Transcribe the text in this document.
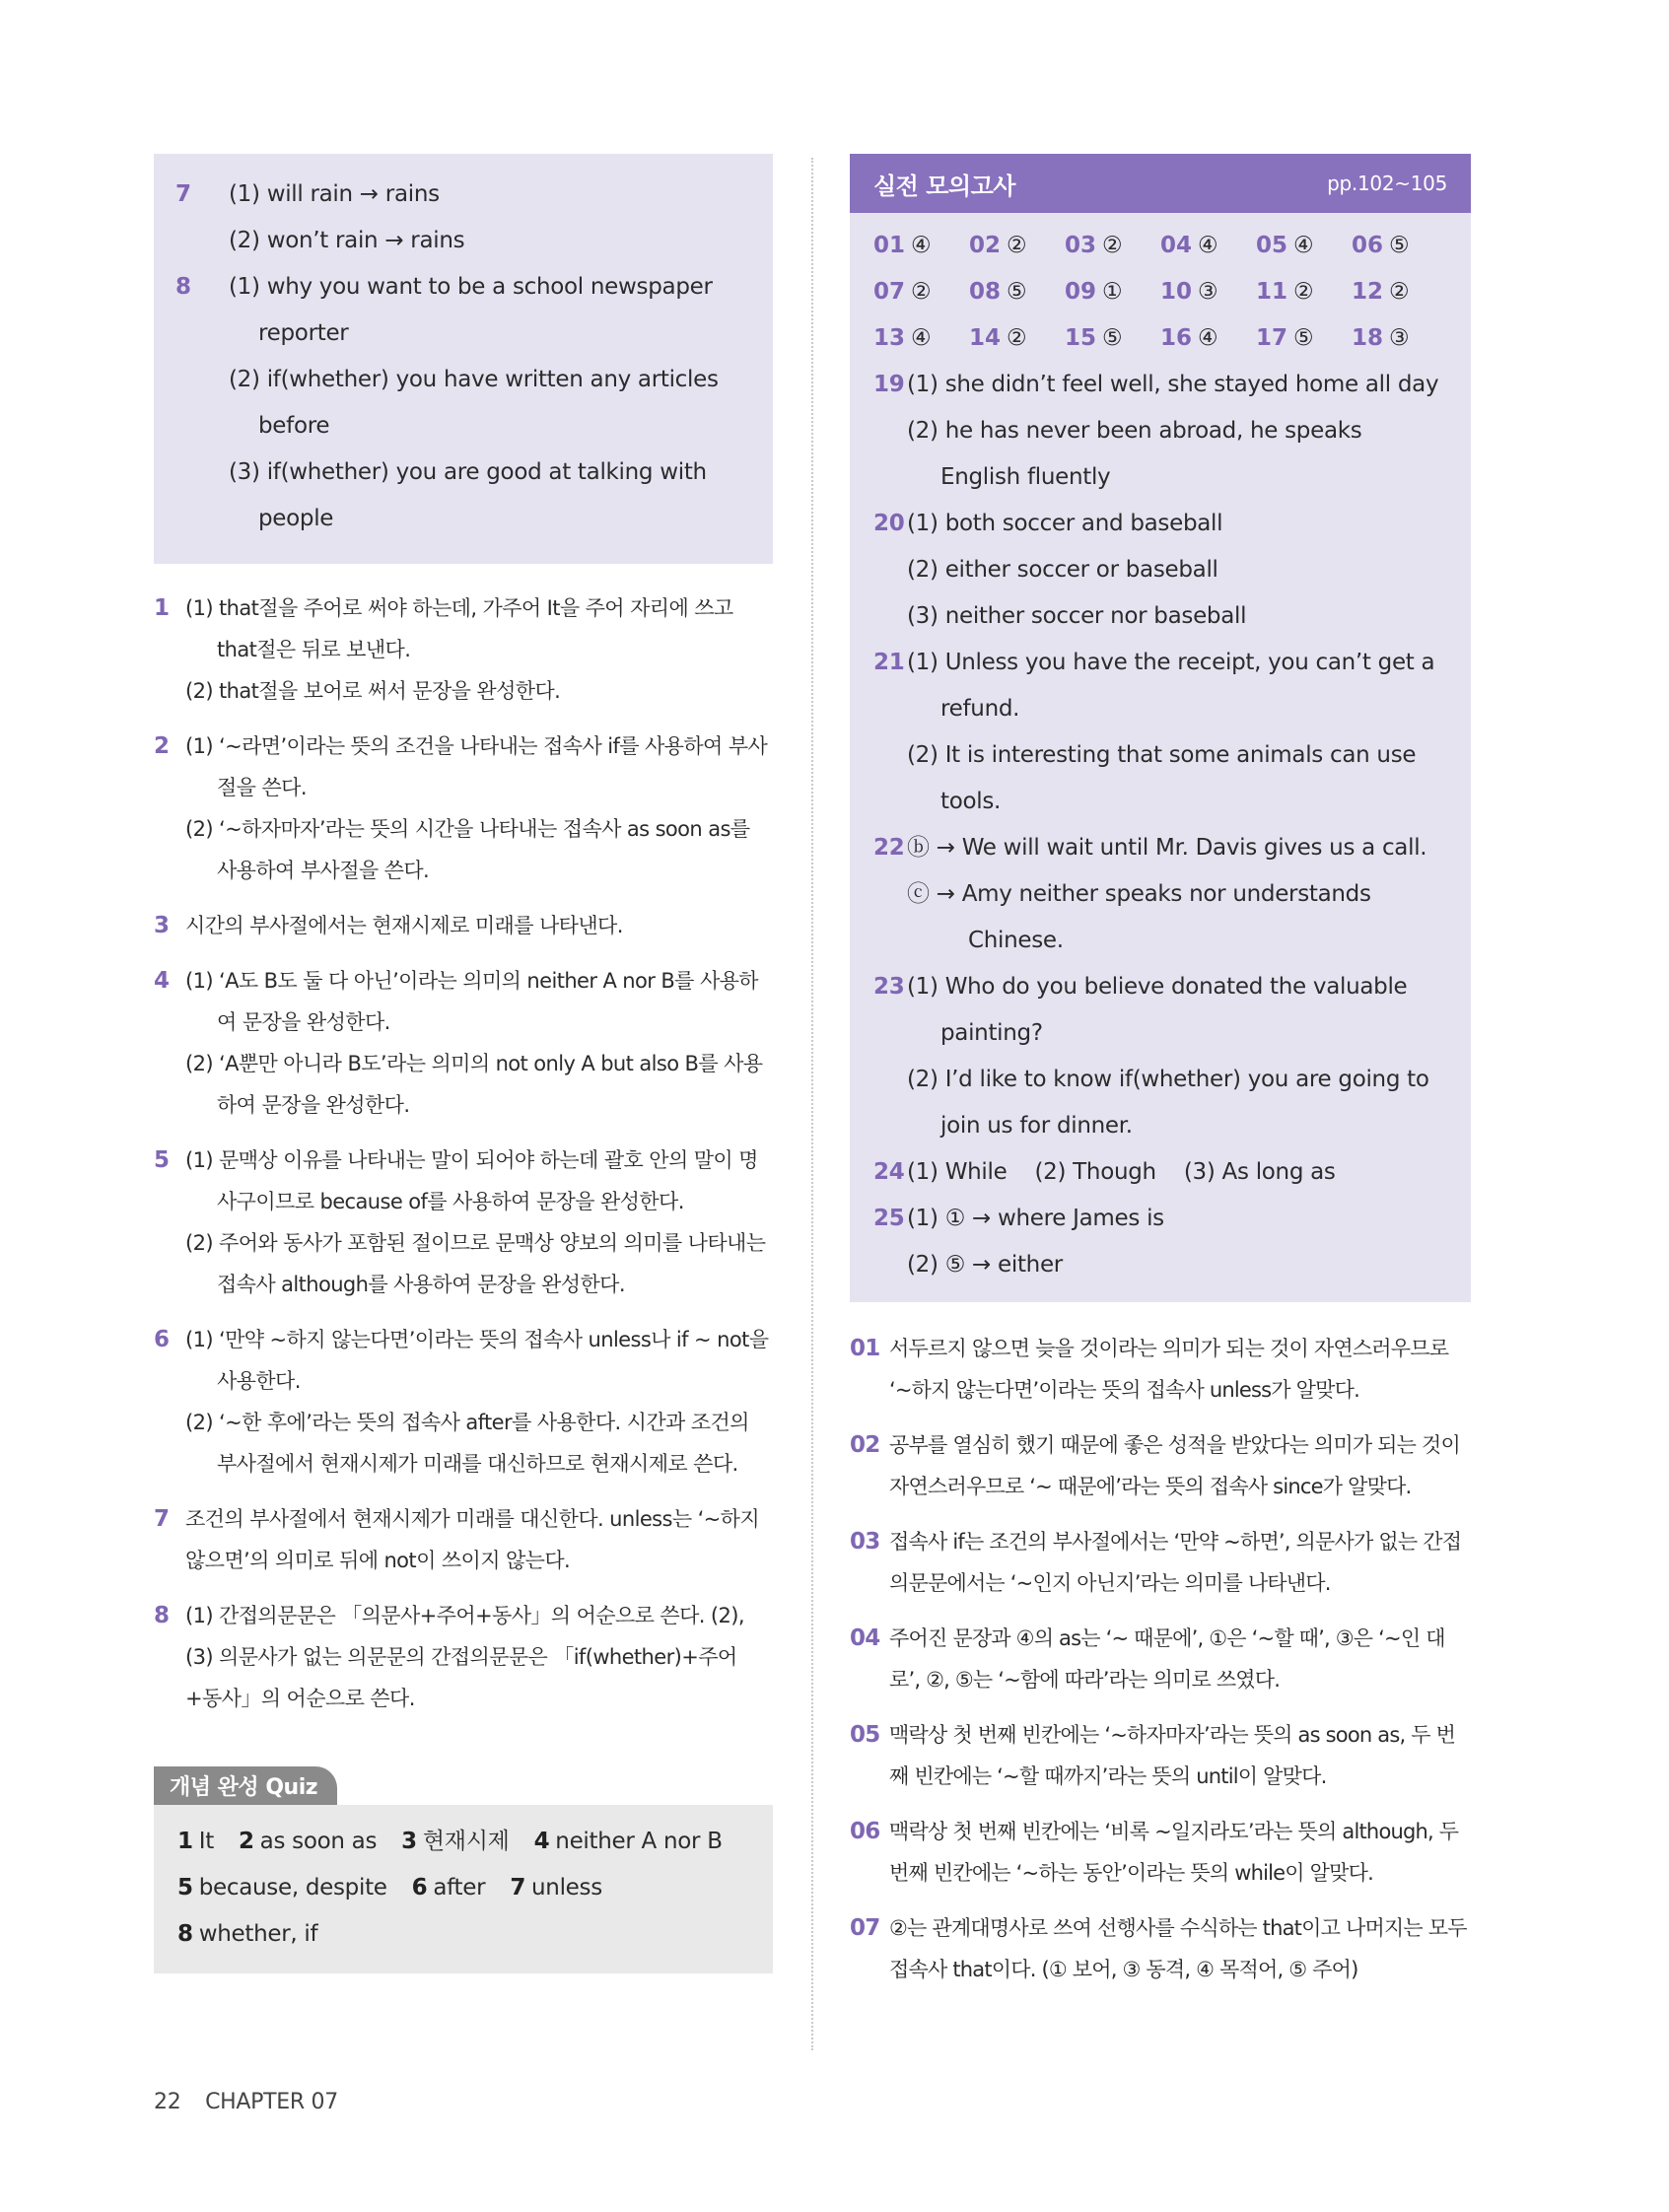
7 (1) will rain → rains
(2) won’t rain → rains
8 (1) why you want to be a school newspaper reporter
(2) if(whether) you have written any articles before
(3) if(whether) you are good at talking with people
1 (1) that절을 주어로 써야 하는데, 가주어 It을 주어 자리에 쓰고 that절은 뒤로 보낸다.
(2) that절을 보어로 써서 문장을 완성한다.
2 (1) ‘~라면’이라는 뜻의 조건을 나타내는 접속사 if를 사용하여 부사절을 쓴다.
(2) ‘~하자마자’라는 뜻의 시간을 나타내는 접속사 as soon as를 사용하여 부사절을 쓴다.
3 시간의 부사절에서는 현재시제로 미래를 나타낸다.
4 (1) ‘A도 B도 둘 다 아닌’이라는 의미의 neither A nor B를 사용하여 문장을 완성한다.
(2) ‘A뿐만 아니라 B도’라는 의미의 not only A but also B를 사용하여 문장을 완성한다.
5 (1) 문맥상 이유를 나타내는 말이 되어야 하는데 괄호 안의 말이 명사구이므로 because of를 사용하여 문장을 완성한다.
(2) 주어와 동사가 포함된 절이므로 문맥상 양보의 의미를 나타내는 접속사 although를 사용하여 문장을 완성한다.
6 (1) ‘만약 ~하지 않는다면’이라는 뜻의 접속사 unless나 if ~ not을 사용한다.
(2) ‘~한 후에’라는 뜻의 접속사 after를 사용한다. 시간과 조건의 부사절에서 현재시제가 미래를 대신하므로 현재시제로 쓴다.
7 조건의 부사절에서 현재시제가 미래를 대신한다. unless는 ‘~하지 않으면’의 의미로 뒤에 not이 쓰이지 않는다.
8 (1) 간접의문문은 「의문사+주어+동사」의 어순으로 쓴다. (2), (3) 의문사가 없는 의문문의 간접의문문은 「if(whether)+주어+동사」의 어순으로 쓴다.
개념 완성 Quiz
1 It 2 as soon as 3 현재시제 4 neither A nor B
5 because, despite 6 after 7 unless 8 whether, if
실전 모의고사	pp.102~105
01 ④	02 ②	03 ②	04 ④	05 ④	06 ⑤
07 ②	08 ⑤	09 ①	10 ③	11 ②	12 ②
13 ④	14 ②	15 ⑤	16 ④	17 ⑤	18 ③
19 (1) she didn’t feel well, she stayed home all day
(2) he has never been abroad, he speaks English fluently
20 (1) both soccer and baseball
(2) either soccer or baseball
(3) neither soccer nor baseball
21 (1) Unless you have the receipt, you can’t get a refund.
(2) It is interesting that some animals can use tools.
22 ⓑ → We will wait until Mr. Davis gives us a call.
ⓒ → Amy neither speaks nor understands Chinese.
23 (1) Who do you believe donated the valuable painting?
(2) I’d like to know if(whether) you are going to join us for dinner.
24 (1) While    (2) Though    (3) As long as
25 (1) ① → where James is
(2) ⑤ → either
01 서두르지 않으면 늦을 것이라는 의미가 되는 것이 자연스러우므로 ‘~하지 않는다면’이라는 뜻의 접속사 unless가 알맞다.
02 공부를 열심히 했기 때문에 좋은 성적을 받았다는 의미가 되는 것이 자연스러우므로 ‘~ 때문에’라는 뜻의 접속사 since가 알맞다.
03 접속사 if는 조건의 부사절에서는 ‘만약 ~하면’, 의문사가 없는 간접의문문에서는 ‘~인지 아닌지’라는 의미를 나타낸다.
04 주어진 문장과 ④의 as는 ‘~ 때문에’, ①은 ‘~할 때’, ③은 ‘~인 대로’, ②, ⑤는 ‘~함에 따라’라는 의미로 쓰였다.
05 맥락상 첫 번째 빈칸에는 ‘~하자마자’라는 뜻의 as soon as, 두 번째 빈칸에는 ‘~할 때까지’라는 뜻의 until이 알맞다.
06 맥락상 첫 번째 빈칸에는 ‘비록 ~일지라도’라는 뜻의 although, 두 번째 빈칸에는 ‘~하는 동안’이라는 뜻의 while이 알맞다.
07 ②는 관계대명사로 쓰여 선행사를 수식하는 that이고 나머지는 모두 접속사 that이다. (① 보어, ③ 동격, ④ 목적어, ⑤ 주어)
22 CHAPTER 07
